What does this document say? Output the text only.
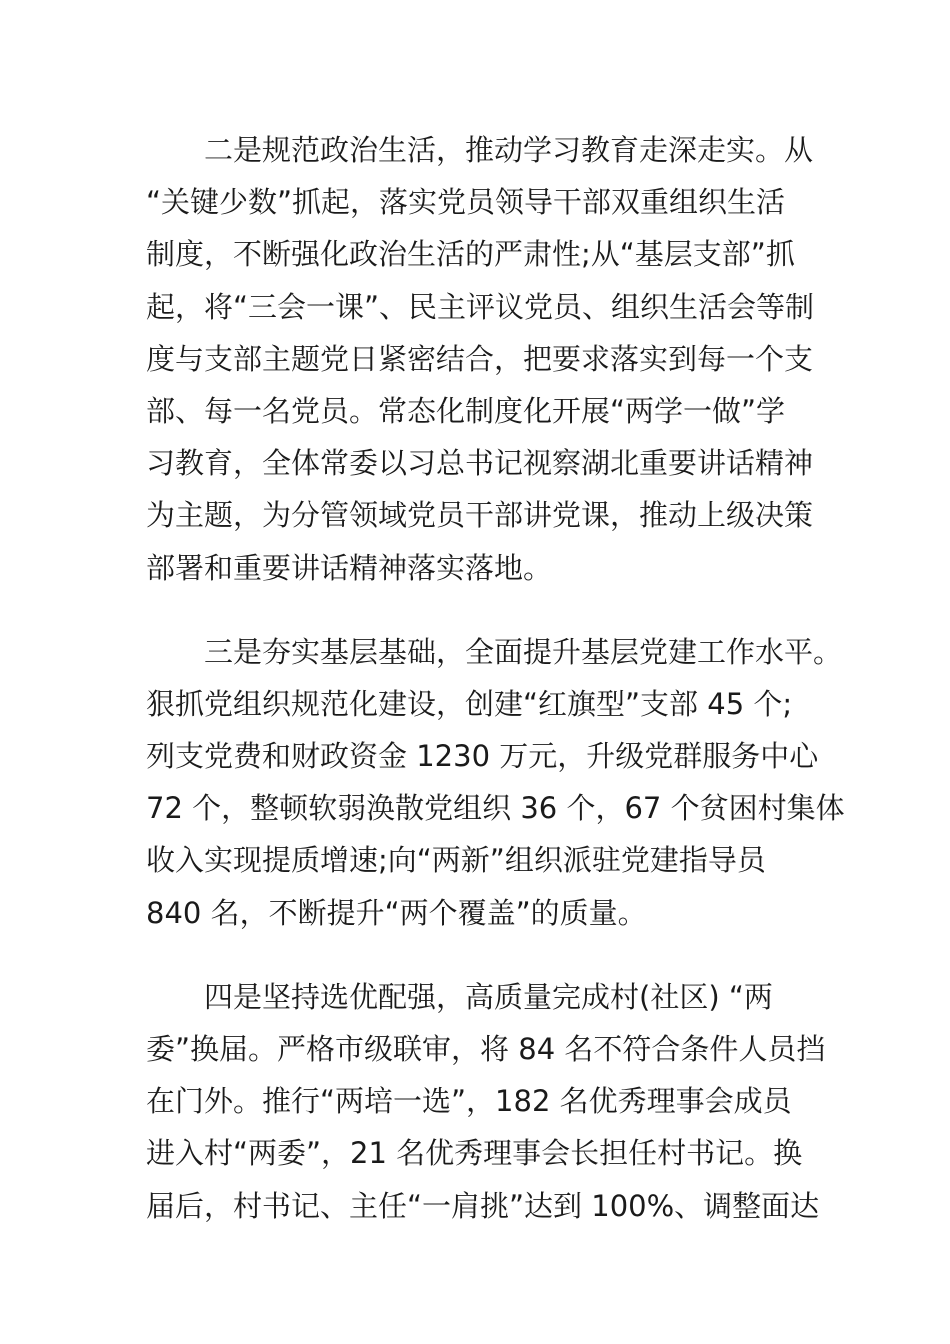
二是规范政治生活，推动学习教育走深走实。从
“关键少数”抓起，落实党员领导干部双重组织生活
制度，不断强化政治生活的严肃性;从“基层支部”抓
起，将“三会一课”、民主评议党员、组织生活会等制
度与支部主题党日紧密结合，把要求落实到每一个支
部、每一名党员。常态化制度化开展“两学一做”学
习教育，全体常委以习总书记视察湖北重要讲话精神
为主题，为分管领域党员干部讲党课，推动上级决策
部署和重要讲话精神落实落地。
三是夯实基层基础，全面提升基层党建工作水平。
狠抓党组织规范化建设，创建“红旗型”支部 45 个;
列支党费和财政资金 1230 万元，升级党群服务中心
72 个，整顿软弱涣散党组织 36 个，67 个贫困村集体
收入实现提质增速;向“两新”组织派驻党建指导员
840 名，不断提升“两个覆盖”的质量。
四是坚持选优配强，高质量完成村(社区) “两
委”换届。严格市级联审，将 84 名不符合条件人员挡
在门外。推行“两培一选”，182 名优秀理事会成员
进入村“两委”，21 名优秀理事会长担任村书记。换
届后，村书记、主任“一肩挑”达到 100%、调整面达
